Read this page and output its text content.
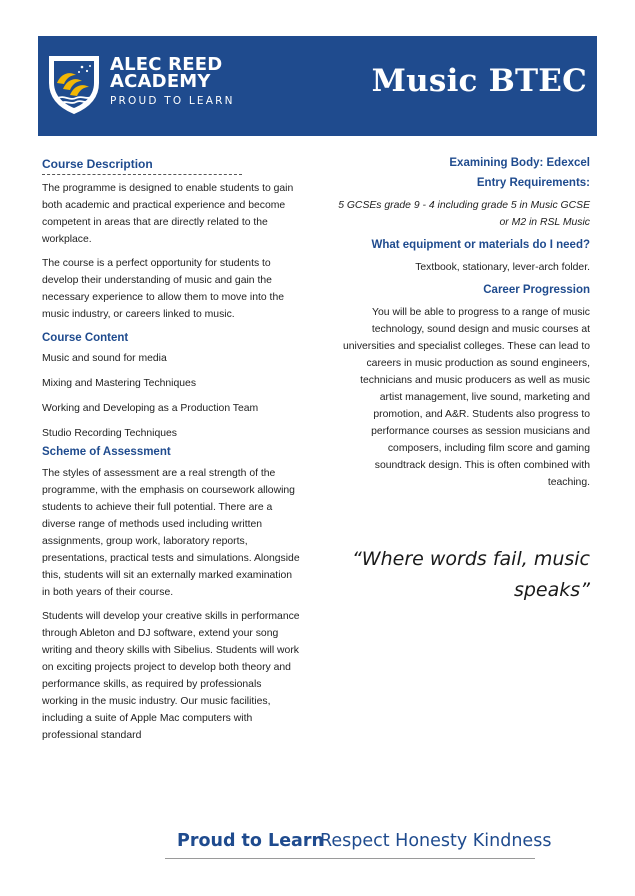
ALEC REED
ACADEMY
PROUD TO LEARN
Music BTEC
Course Description

The programme is designed to enable students to gain both academic and practical experience and become competent in areas that are directly related to the workplace.

The course is a perfect opportunity for students to develop their understanding of music and gain the necessary experience to allow them to move into the music industry, or careers linked to music.

Course Content
Music and sound for media
Mixing and Mastering Techniques
Working and Developing as a Production Team
Studio Recording Techniques
Scheme of Assessment

The styles of assessment are a real strength of the programme, with the emphasis on coursework allowing students to achieve their full potential. There are a diverse range of methods used including written assignments, group work, laboratory reports, presentations, practical tests and simulations. Alongside this, students will sit an externally marked examination in both years of their course.

Students will develop your creative skills in performance through Ableton and DJ software, extend your song writing and theory skills with Sibelius. Students will work on exciting projects project to develop both theory and performance skills, as required by professionals working in the music industry. Our music facilities, including a suite of Apple Mac computers with professional standard

Examining Body: Edexcel
Entry Requirements:
5 GCSEs grade 9 - 4 including grade 5 in Music GCSE
or M2 in RSL Music
What equipment or materials do I need?

Textbook, stationary, lever-arch folder.

Career Progression

You will be able to progress to a range of music technology, sound design and music courses at universities and specialist colleges. These can lead to careers in music production as sound engineers, technicians and music producers as well as music artist management, live sound, marketing and promotion, and A&R. Students also progress to performance courses as session musicians and composers, including film score and gaming soundtrack design. This is often combined with teaching.

“Where words fail, music
speaks”
Proud to Learn
Respect Honesty Kindness
